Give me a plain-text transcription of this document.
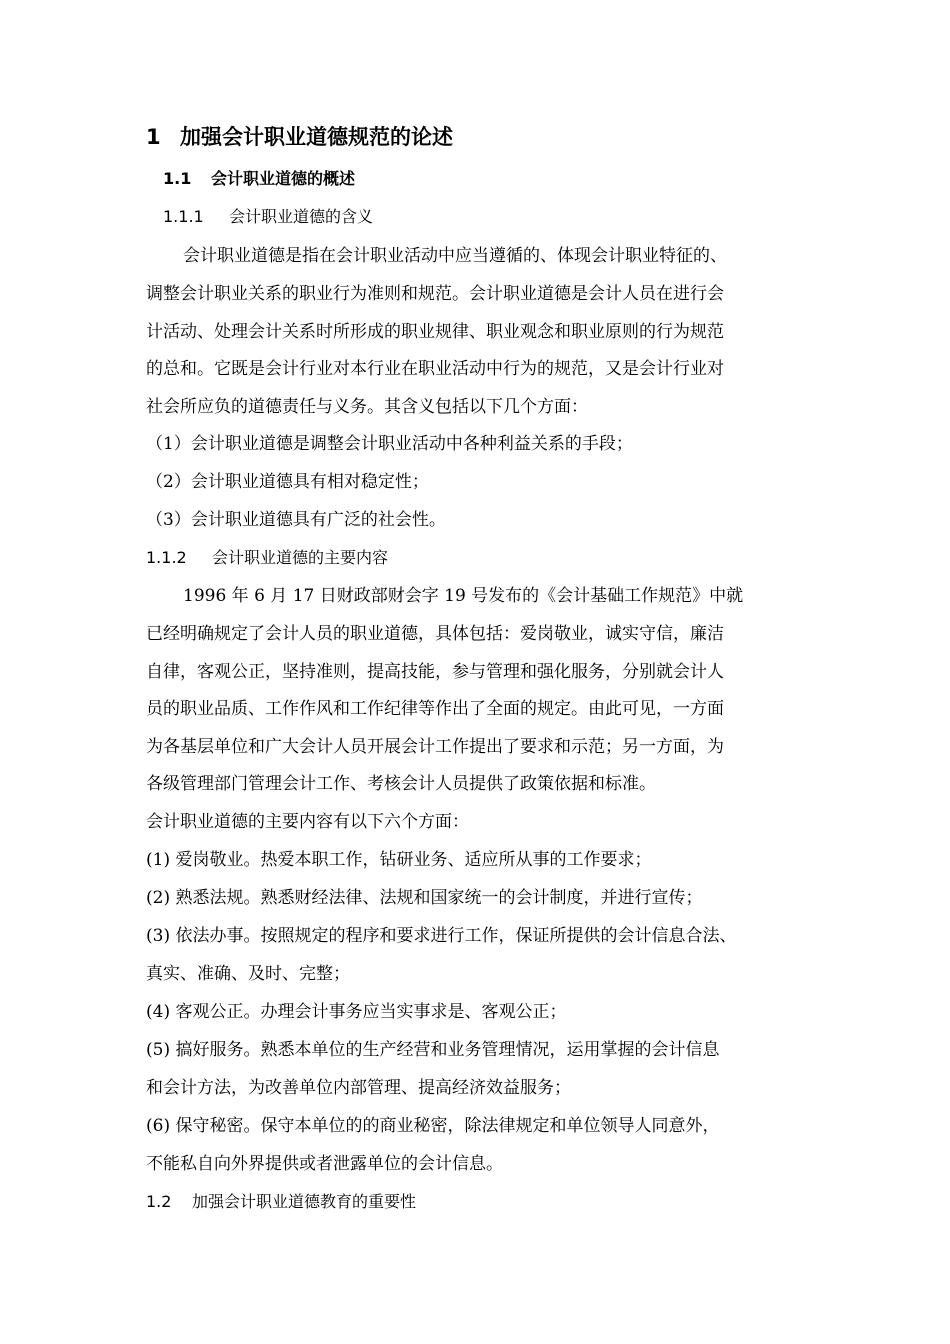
1 加强会计职业道德规范的论述
1.1 会计职业道德的概述
1.1.1 会计职业道德的含义

会计职业道德是指在会计职业活动中应当遵循的、体现会计职业特征的、

调整会计职业关系的职业行为准则和规范。会计职业道德是会计人员在进行会

计活动、处理会计关系时所形成的职业规律、职业观念和职业原则的行为规范

的总和。它既是会计行业对本行业在职业活动中行为的规范，又是会计行业对

社会所应负的道德责任与义务。其含义包括以下几个方面：

（1）会计职业道德是调整会计职业活动中各种利益关系的手段；

（2）会计职业道德具有相对稳定性；

（3）会计职业道德具有广泛的社会性。

1.1.2 会计职业道德的主要内容

1996 年 6 月 17 日财政部财会字 19 号发布的《会计基础工作规范》中就

已经明确规定了会计人员的职业道德，具体包括：爱岗敬业，诚实守信，廉洁

自律，客观公正，坚持准则，提高技能，参与管理和强化服务，分别就会计人

员的职业品质、工作作风和工作纪律等作出了全面的规定。由此可见，一方面

为各基层单位和广大会计人员开展会计工作提出了要求和示范；另一方面，为

各级管理部门管理会计工作、考核会计人员提供了政策依据和标准。

会计职业道德的主要内容有以下六个方面：

(1) 爱岗敬业。热爱本职工作，钻研业务、适应所从事的工作要求；

(2) 熟悉法规。熟悉财经法律、法规和国家统一的会计制度，并进行宣传；

(3) 依法办事。按照规定的程序和要求进行工作，保证所提供的会计信息合法、

真实、准确、及时、完整；

(4) 客观公正。办理会计事务应当实事求是、客观公正；

(5) 搞好服务。熟悉本单位的生产经营和业务管理情况，运用掌握的会计信息

和会计方法，为改善单位内部管理、提高经济效益服务；

(6) 保守秘密。保守本单位的的商业秘密，除法律规定和单位领导人同意外，

不能私自向外界提供或者泄露单位的会计信息。

1.2 加强会计职业道德教育的重要性
